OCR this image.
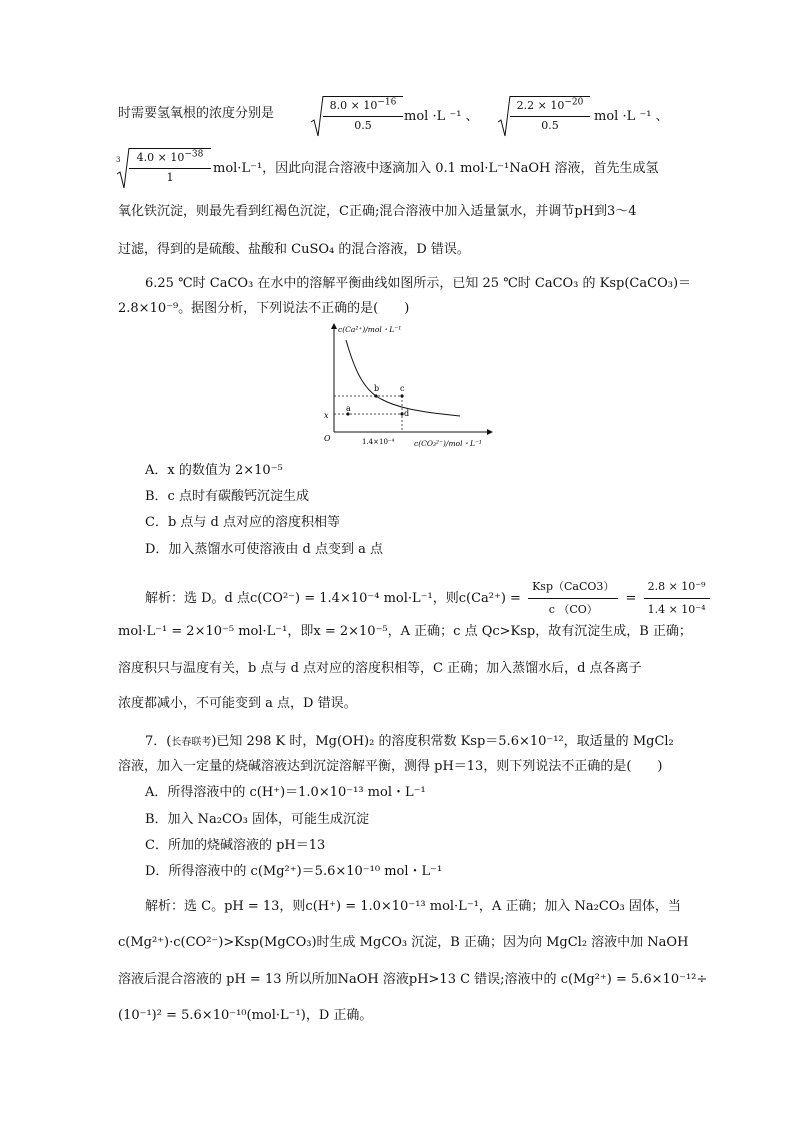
时需要氢氧根的浓度分别是
$8.0 \times 10^{-16}$
0.5
mol ·L ⁻¹ 、
$2.2 \times 10^{-20}$
0.5
mol ·L ⁻¹ 、
3	$4.0 \times 10^{-38}$
1
mol·L⁻¹，因此向混合溶液中逐滴加入 0.1 mol·L⁻¹NaOH 溶液，首先生成氢
氧化铁沉淀，则最先看到红褐色沉淀，C正确;混合溶液中加入适量氯水，并调节pH到3～4
过滤，得到的是硫酸、盐酸和 CuSO₄ 的混合溶液，D 错误。
6.25 ℃时 CaCO₃ 在水中的溶解平衡曲线如图所示，已知 25 ℃时 CaCO₃ 的 Ksp(CaCO₃)＝
2.8×10⁻⁹。据图分析，下列说法不正确的是(　　)
c(Ca²⁺)/mol・L⁻¹
c(CO₃²⁻)/mol・L⁻¹
O	1.4×10⁻⁴
x
a
b	c
d
A．x 的数值为 2×10⁻⁵
B．c 点时有碳酸钙沉淀生成
C．b 点与 d 点对应的溶度积相等
D．加入蒸馏水可使溶液由 d 点变到 a 点
解析：选 D。d 点c(CO²⁻) = 1.4×10⁻⁴ mol·L⁻¹，则$c(Ca^{2+}) = \frac{\text{Ksp（CaCO3）}}{c (CO)} = \frac{\text{2.8 × 10⁻⁹}}{\text{1.4 × 10⁻⁴}}$
mol·L⁻¹ = 2×10⁻⁵ mol·L⁻¹，即x = 2×10⁻⁵，A 正确；c 点 Qc>Ksp，故有沉淀生成，B 正确；
溶度积只与温度有关，b 点与 d 点对应的溶度积相等，C 正确；加入蒸馏水后，d 点各离子
浓度都减小，不可能变到 a 点，D 错误。
7．(长春联考)已知 298 K 时，Mg(OH)₂ 的溶度积常数 Ksp＝5.6×10⁻¹²，取适量的 MgCl₂
溶液，加入一定量的烧碱溶液达到沉淀溶解平衡，测得 pH＝13，则下列说法不正确的是(　　)
A．所得溶液中的 c(H⁺)＝1.0×10⁻¹³ mol・L⁻¹
B．加入 Na₂CO₃ 固体，可能生成沉淀
C．所加的烧碱溶液的 pH＝13
D．所得溶液中的 c(Mg²⁺)＝5.6×10⁻¹⁰ mol・L⁻¹
解析：选 C。pH = 13，则c(H⁺) = 1.0×10⁻¹³ mol·L⁻¹，A 正确；加入 Na₂CO₃ 固体，当
c(Mg²⁺)·c(CO²⁻)>Ksp(MgCO₃)时生成 MgCO₃ 沉淀，B 正确；因为向 MgCl₂ 溶液中加 NaOH
溶液后混合溶液的 pH = 13 所以所加NaOH 溶液pH>13 C 错误;溶液中的 c(Mg²⁺) = 5.6×10⁻¹²÷
(10⁻¹)² = 5.6×10⁻¹⁰(mol·L⁻¹)，D 正确。
